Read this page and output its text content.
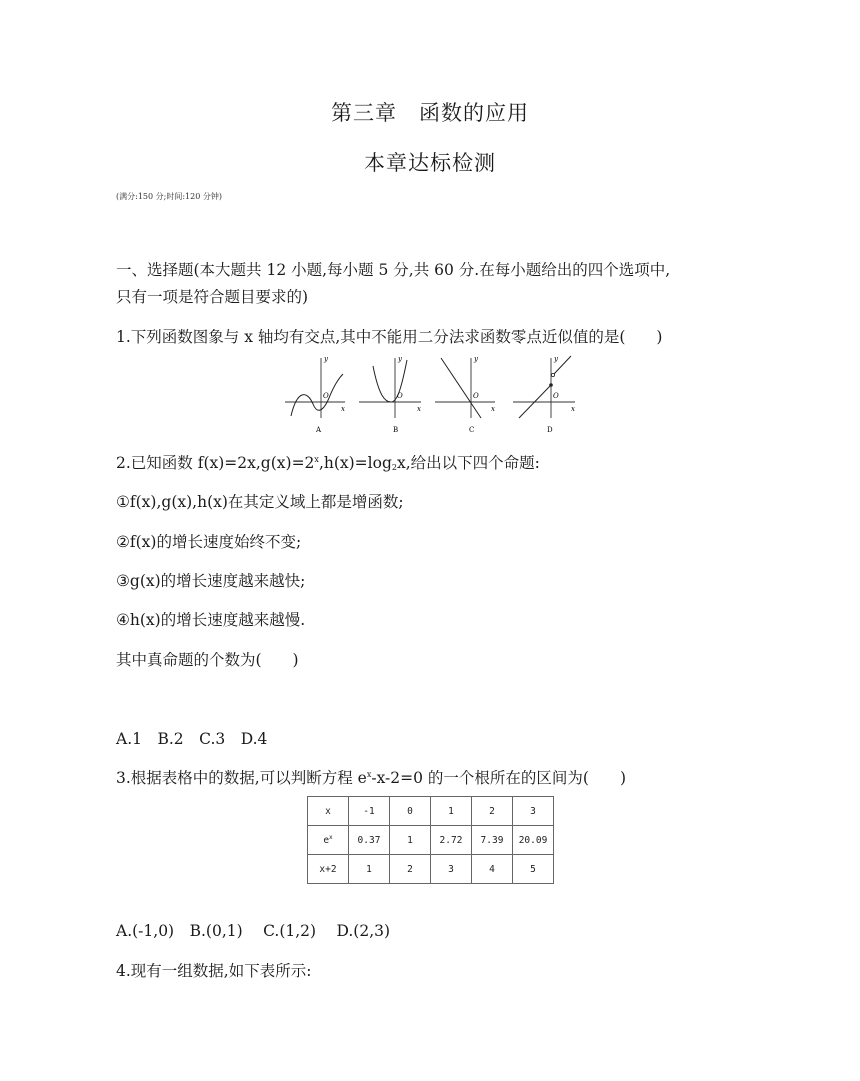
第三章　函数的应用
本章达标检测
(满分:150 分;时间:120 分钟)
一、选择题(本大题共 12 小题,每小题 5 分,共 60 分.在每小题给出的四个选项中,
只有一项是符合题目要求的)
1.下列函数图象与 x 轴均有交点,其中不能用二分法求函数零点近似值的是(　　)
y
x
O
A
y
x
O
B
y
x
O
C
y
x
O
D
2.已知函数 $f(x)=2x,g(x)=2^x,h(x)=\log_2x$,给出以下四个命题:
①f(x),g(x),h(x)在其定义域上都是增函数;
②f(x)的增长速度始终不变;
③g(x)的增长速度越来越快;
④h(x)的增长速度越来越慢.
其中真命题的个数为(　　)
A.1　B.2　C.3　D.4
3.根据表格中的数据,可以判断方程 $e^x-x-2=0$ 的一个根所在的区间为(　　)
x	-1	0	1	2	3
$e^x$	0.37	1	2.72	7.39	20.09
x+2	1	2	3	4	5
A.(-1,0)　B.(0,1)　 C.(1,2)　 D.(2,3)
4.现有一组数据,如下表所示:
